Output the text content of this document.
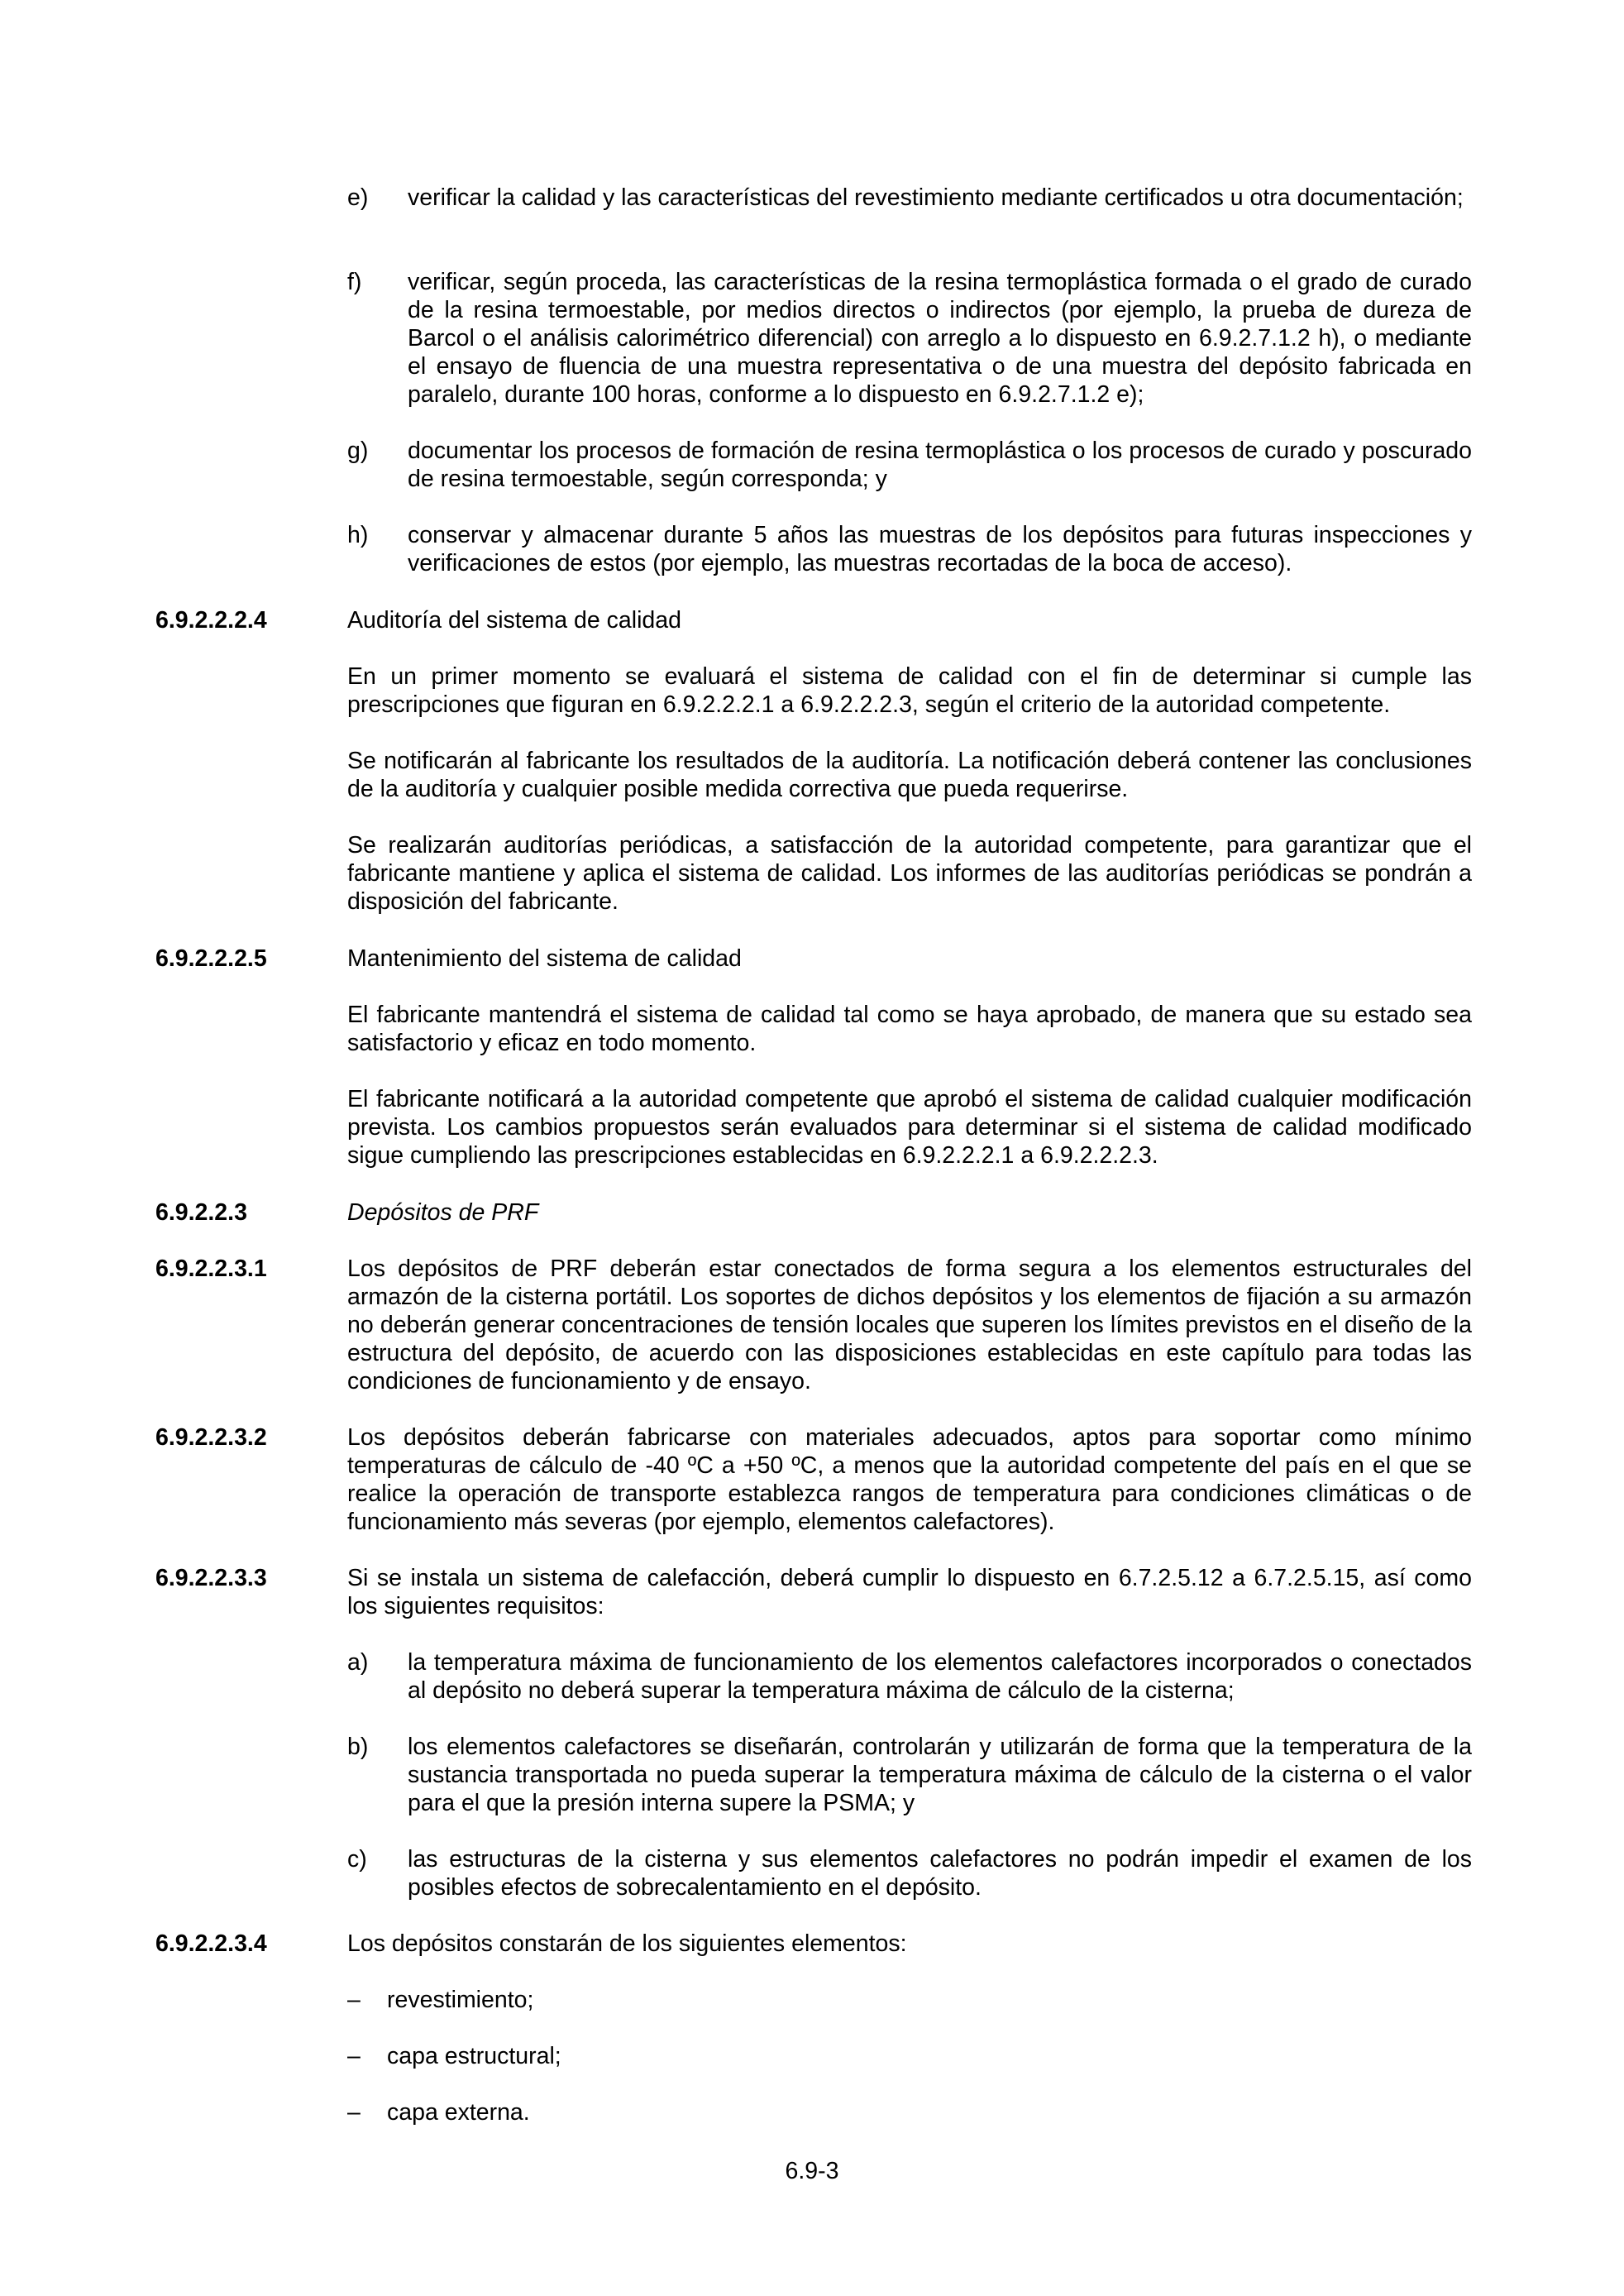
e)	verificar la calidad y las características del revestimiento mediante certificados u otra documentación;
f)	verificar, según proceda, las características de la resina termoplástica formada o el grado de curado de la resina termoestable, por medios directos o indirectos (por ejemplo, la prueba de dureza de Barcol o el análisis calorimétrico diferencial) con arreglo a lo dispuesto en 6.9.2.7.1.2 h), o mediante el ensayo de fluencia de una muestra representativa o de una muestra del depósito fabricada en paralelo, durante 100 horas, conforme a lo dispuesto en 6.9.2.7.1.2 e);
g)	documentar los procesos de formación de resina termoplástica o los procesos de curado y poscurado de resina termoestable, según corresponda; y
h)	conservar y almacenar durante 5 años las muestras de los depósitos para futuras inspecciones y verificaciones de estos (por ejemplo, las muestras recortadas de la boca de acceso).

6.9.2.2.2.4	Auditoría del sistema de calidad

En un primer momento se evaluará el sistema de calidad con el fin de determinar si cumple las prescripciones que figuran en 6.9.2.2.2.1 a 6.9.2.2.2.3, según el criterio de la autoridad competente.

Se notificarán al fabricante los resultados de la auditoría. La notificación deberá contener las conclusiones de la auditoría y cualquier posible medida correctiva que pueda requerirse.

Se realizarán auditorías periódicas, a satisfacción de la autoridad competente, para garantizar que el fabricante mantiene y aplica el sistema de calidad. Los informes de las auditorías periódicas se pondrán a disposición del fabricante.

6.9.2.2.2.5	Mantenimiento del sistema de calidad

El fabricante mantendrá el sistema de calidad tal como se haya aprobado, de manera que su estado sea satisfactorio y eficaz en todo momento.

El fabricante notificará a la autoridad competente que aprobó el sistema de calidad cualquier modificación prevista. Los cambios propuestos serán evaluados para determinar si el sistema de calidad modificado sigue cumpliendo las prescripciones establecidas en 6.9.2.2.2.1 a 6.9.2.2.2.3.

6.9.2.2.3	Depósitos de PRF

6.9.2.2.3.1	Los depósitos de PRF deberán estar conectados de forma segura a los elementos estructurales del armazón de la cisterna portátil. Los soportes de dichos depósitos y los elementos de fijación a su armazón no deberán generar concentraciones de tensión locales que superen los límites previstos en el diseño de la estructura del depósito, de acuerdo con las disposiciones establecidas en este capítulo para todas las condiciones de funcionamiento y de ensayo.

6.9.2.2.3.2	Los depósitos deberán fabricarse con materiales adecuados, aptos para soportar como mínimo temperaturas de cálculo de -40 ºC a +50 ºC, a menos que la autoridad competente del país en el que se realice la operación de transporte establezca rangos de temperatura para condiciones climáticas o de funcionamiento más severas (por ejemplo, elementos calefactores).

6.9.2.2.3.3	Si se instala un sistema de calefacción, deberá cumplir lo dispuesto en 6.7.2.5.12 a 6.7.2.5.15, así como los siguientes requisitos:

a)	la temperatura máxima de funcionamiento de los elementos calefactores incorporados o conectados al depósito no deberá superar la temperatura máxima de cálculo de la cisterna;
b)	los elementos calefactores se diseñarán, controlarán y utilizarán de forma que la temperatura de la sustancia transportada no pueda superar la temperatura máxima de cálculo de la cisterna o el valor para el que la presión interna supere la PSMA; y
c)	las estructuras de la cisterna y sus elementos calefactores no podrán impedir el examen de los posibles efectos de sobrecalentamiento en el depósito.

6.9.2.2.3.4	Los depósitos constarán de los siguientes elementos:

–	revestimiento;
–	capa estructural;
–	capa externa.

6.9-3
